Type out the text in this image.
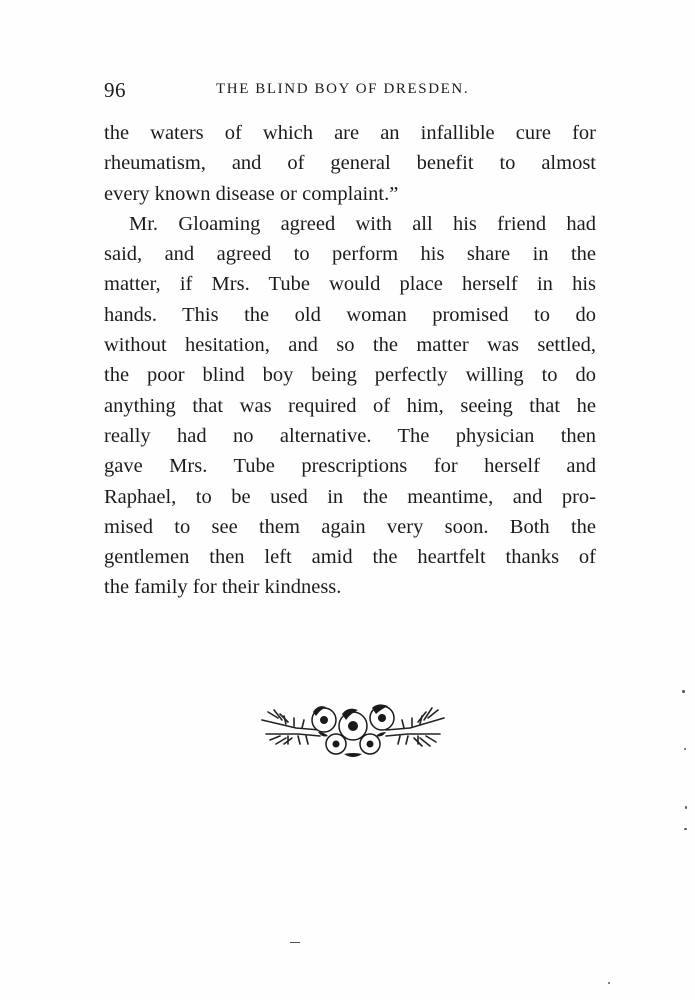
96	THE BLIND BOY OF DRESDEN.
the waters of which are an infallible cure for
rheumatism, and of general benefit to almost
every known disease or complaint.”
Mr. Gloaming agreed with all his friend had
said, and agreed to perform his share in the
matter, if Mrs. Tube would place herself in his
hands. This the old woman promised to do
without hesitation, and so the matter was settled,
the poor blind boy being perfectly willing to do
anything that was required of him, seeing that he
really had no alternative. The physician then
gave Mrs. Tube prescriptions for herself and
Raphael, to be used in the meantime, and pro-
mised to see them again very soon. Both the
gentlemen then left amid the heartfelt thanks of
the family for their kindness.
